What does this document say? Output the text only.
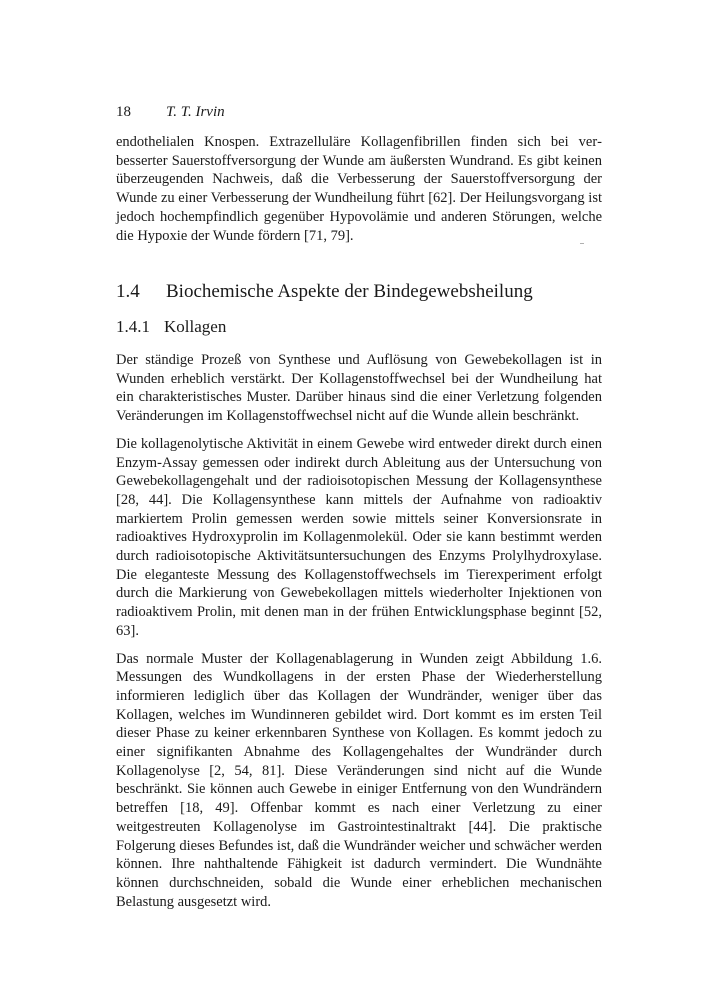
18 T. T. Irvin

endothelialen Knospen. Extrazelluläre Kollagenfibrillen finden sich bei verbesserter Sauerstoffversorgung der Wunde am äußersten Wundrand. Es gibt keinen überzeugenden Nachweis, daß die Verbesserung der Sauerstoffversorgung der Wunde zu einer Verbesserung der Wundheilung führt [62]. Der Heilungsvorgang ist jedoch hochempfindlich gegenüber Hypovolämie und anderen Störungen, welche die Hypoxie der Wunde fördern [71, 79].

1.4 Biochemische Aspekte der Bindegewebsheilung
1.4.1 Kollagen

Der ständige Prozeß von Synthese und Auflösung von Gewebekollagen ist in Wunden erheblich verstärkt. Der Kollagenstoffwechsel bei der Wundheilung hat ein charakteristisches Muster. Darüber hinaus sind die einer Verletzung folgenden Veränderungen im Kollagenstoffwechsel nicht auf die Wunde allein beschränkt.

Die kollagenolytische Aktivität in einem Gewebe wird entweder direkt durch einen Enzym-Assay gemessen oder indirekt durch Ableitung aus der Untersuchung von Gewebekollagengehalt und der radioisotopischen Messung der Kollagensynthese [28, 44]. Die Kollagensynthese kann mittels der Aufnahme von radioaktiv markiertem Prolin gemessen werden sowie mittels seiner Konversionsrate in radioaktives Hydroxyprolin im Kollagenmolekül. Oder sie kann bestimmt werden durch radioisotopische Aktivitätsuntersuchungen des Enzyms Prolylhydroxylase. Die eleganteste Messung des Kollagenstoffwechsels im Tierexperiment erfolgt durch die Markierung von Gewebekollagen mittels wiederholter Injektionen von radioaktivem Prolin, mit denen man in der frühen Entwicklungsphase beginnt [52, 63].

Das normale Muster der Kollagenablagerung in Wunden zeigt Abbildung 1.6. Messungen des Wundkollagens in der ersten Phase der Wiederherstellung informieren lediglich über das Kollagen der Wundränder, weniger über das Kollagen, welches im Wundinneren gebildet wird. Dort kommt es im ersten Teil dieser Phase zu keiner erkennbaren Synthese von Kollagen. Es kommt jedoch zu einer signifikanten Abnahme des Kollagengehaltes der Wundränder durch Kollagenolyse [2, 54, 81]. Diese Veränderungen sind nicht auf die Wunde beschränkt. Sie können auch Gewebe in einiger Entfernung von den Wundrändern betreffen [18, 49]. Offenbar kommt es nach einer Verletzung zu einer weitgestreuten Kollagenolyse im Gastrointestinaltrakt [44]. Die praktische Folgerung dieses Befundes ist, daß die Wundränder weicher und schwächer werden können. Ihre nahthaltende Fähigkeit ist dadurch vermindert. Die Wundnähte können durchschneiden, sobald die Wunde einer erheblichen mechanischen Belastung ausgesetzt wird.
